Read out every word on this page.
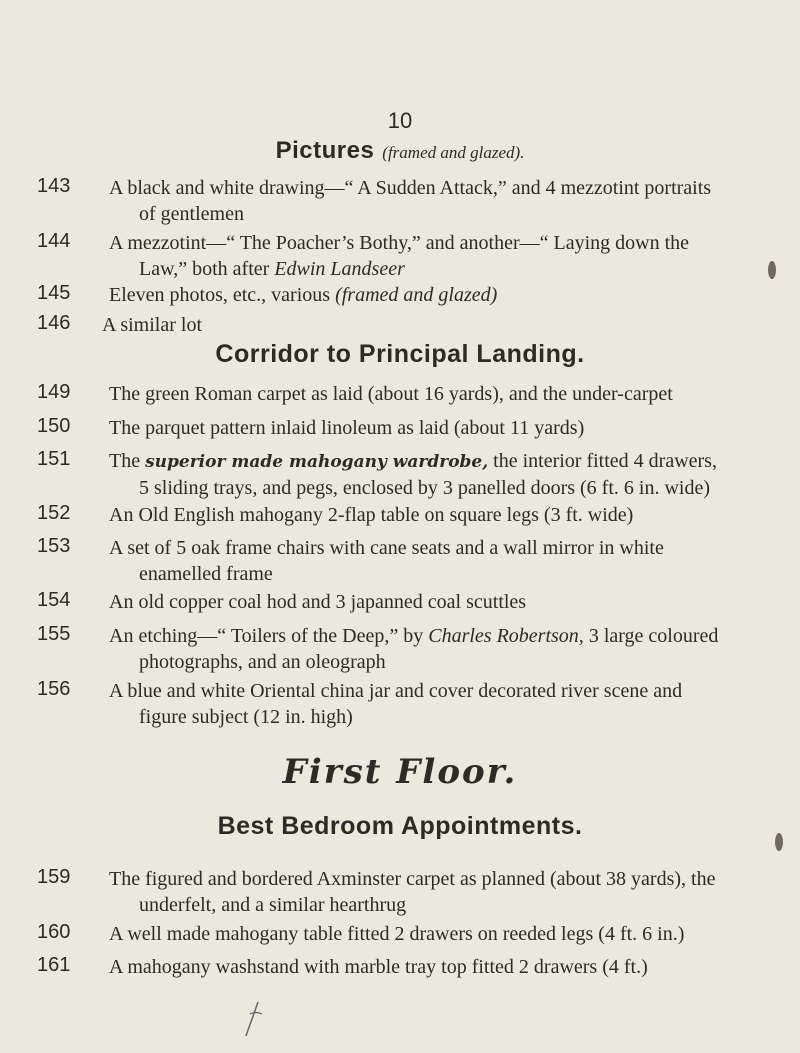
10
Pictures (framed and glazed).
143	A black and white drawing—“ A Sudden Attack,” and 4 mezzotint portraits
of gentlemen
144	A mezzotint—“ The Poacher’s Bothy,” and another—“ Laying down the
Law,” both after Edwin Landseer
145	Eleven photos, etc., various (framed and glazed)
146	A similar lot
Corridor to Principal Landing.
149	The green Roman carpet as laid (about 16 yards), and the under-carpet
150	The parquet pattern inlaid linoleum as laid (about 11 yards)
151	The superior made mahogany wardrobe, the interior fitted 4 drawers,
5 sliding trays, and pegs, enclosed by 3 panelled doors (6 ft. 6 in. wide)
152	An Old English mahogany 2-flap table on square legs (3 ft. wide)
153	A set of 5 oak frame chairs with cane seats and a wall mirror in white
enamelled frame
154	An old copper coal hod and 3 japanned coal scuttles
155	An etching—“ Toilers of the Deep,” by Charles Robertson, 3 large coloured
photographs, and an oleograph
156	A blue and white Oriental china jar and cover decorated river scene and
figure subject (12 in. high)
First Floor.
Best Bedroom Appointments.
159	The figured and bordered Axminster carpet as planned (about 38 yards), the
underfelt, and a similar hearthrug
160	A well made mahogany table fitted 2 drawers on reeded legs (4 ft. 6 in.)
161	A mahogany washstand with marble tray top fitted 2 drawers (4 ft.)
